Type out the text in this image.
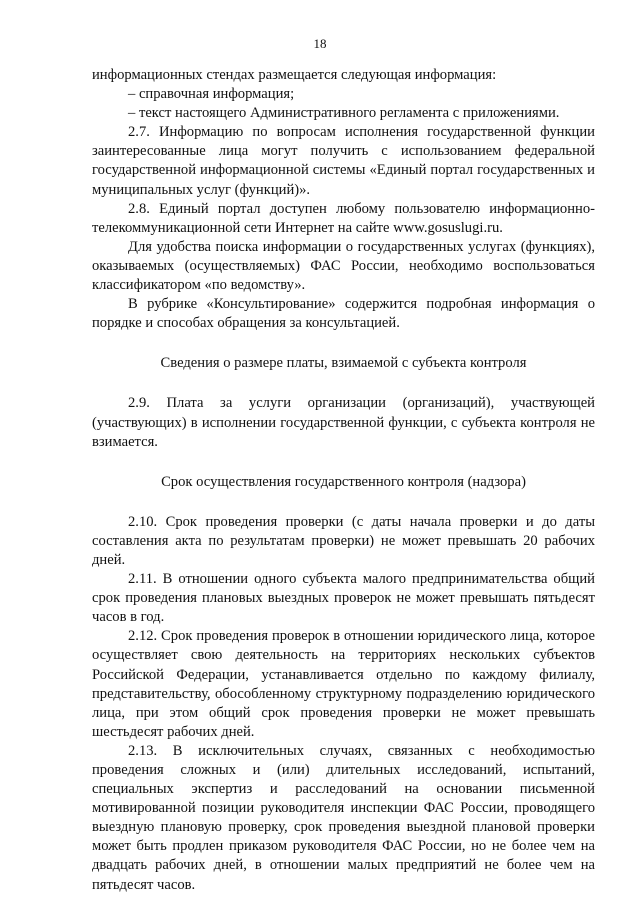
18

информационных стендах размещается следующая информация:

– справочная информация;

– текст настоящего Административного регламента с приложениями.

2.7. Информацию по вопросам исполнения государственной функции заинтересованные лица могут получить с использованием федеральной государственной информационной системы «Единый портал государственных и муниципальных услуг (функций)».

2.8. Единый портал доступен любому пользователю информационно-телекоммуникационной сети Интернет на сайте www.gosuslugi.ru.

Для удобства поиска информации о государственных услугах (функциях), оказываемых (осуществляемых) ФАС России, необходимо воспользоваться классификатором «по ведомству».

В рубрике «Консультирование» содержится подробная информация о порядке и способах обращения за консультацией.

Сведения о размере платы, взимаемой с субъекта контроля

2.9. Плата за услуги организации (организаций), участвующей (участвующих) в исполнении государственной функции, с субъекта контроля не взимается.

Срок осуществления государственного контроля (надзора)

2.10. Срок проведения проверки (с даты начала проверки и до даты составления акта по результатам проверки) не может превышать 20 рабочих дней.

2.11. В отношении одного субъекта малого предпринимательства общий срок проведения плановых выездных проверок не может превышать пятьдесят часов в год.

2.12. Срок проведения проверок в отношении юридического лица, которое осуществляет свою деятельность на территориях нескольких субъектов Российской Федерации, устанавливается отдельно по каждому филиалу, представительству, обособленному структурному подразделению юридического лица, при этом общий срок проведения проверки не может превышать шестьдесят рабочих дней.

2.13. В исключительных случаях, связанных с необходимостью проведения сложных и (или) длительных исследований, испытаний, специальных экспертиз и расследований на основании письменной мотивированной позиции руководителя инспекции ФАС России, проводящего выездную плановую проверку, срок проведения выездной плановой проверки может быть продлен приказом руководителя ФАС России, но не более чем на двадцать рабочих дней, в отношении малых предприятий не более чем на пятьдесят часов.
